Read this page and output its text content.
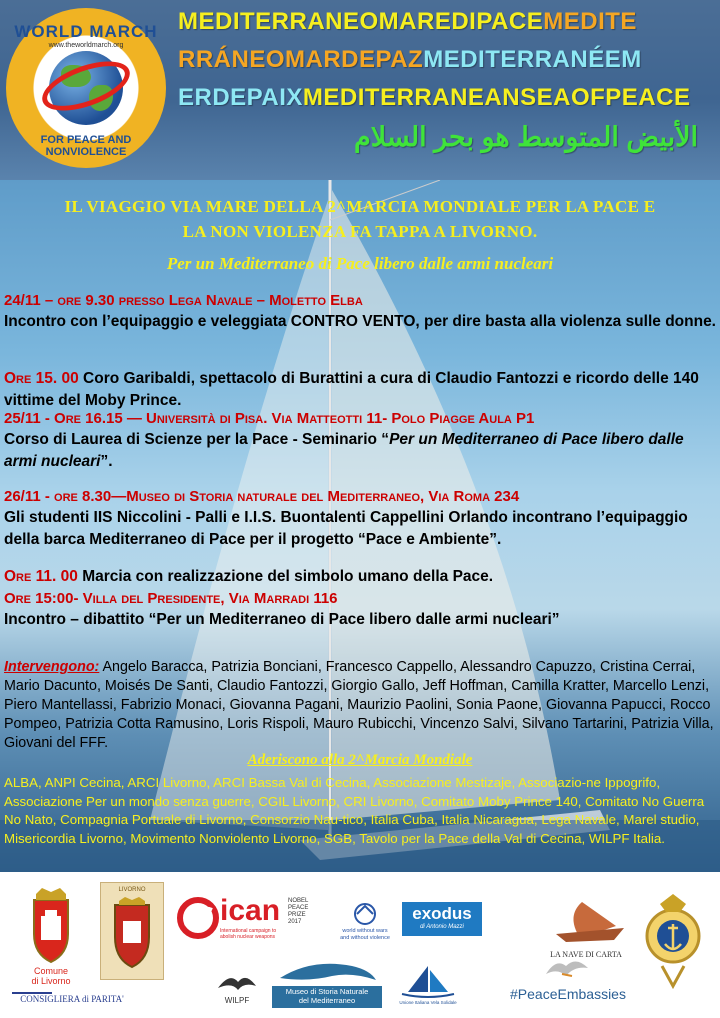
WORLD MARCH
www.theworldmarch.org
FOR PEACE AND NONVIOLENCE
MEDITERRANEOMAREDIPACEMEDITE
RRÁNEOMARDEPAZMEDITERRANÉEM
ERDEPAIXMEDITERRANEANSEAOFPEACE
الأبيض المتوسط هو بحر السلام
IL VIAGGIO VIA MARE DELLA 2^MARCIA MONDIALE PER LA PACE E
LA NON VIOLENZA FA TAPPA A LIVORNO.
Per un Mediterraneo di Pace libero dalle armi nucleari
24/11 – ore 9.30 presso Lega Navale – Moletto Elba
Incontro con l’equipaggio e veleggiata CONTRO VENTO, per dire basta alla violenza sulle donne.
Ore 15. 00 Coro Garibaldi, spettacolo di Burattini a cura di Claudio Fantozzi e ricordo delle 140 vittime del Moby Prince.
25/11 - Ore 16.15 — Università di Pisa. Via Matteotti 11- Polo Piagge Aula P1
Corso di Laurea di Scienze per la Pace - Seminario “Per un Mediterraneo di Pace libero dalle armi nucleari”.
26/11 - ore 8.30—Museo di Storia naturale del Mediterraneo, Via Roma 234
Gli studenti IIS Niccolini - Palli e I.I.S. Buontalenti Cappellini Orlando incontrano l’equipaggio della barca Mediterraneo di Pace per il progetto “Pace e Ambiente”.
Ore 11. 00 Marcia con realizzazione del simbolo umano della Pace.
Ore 15:00- Villa del Presidente, Via Marradi 116
Incontro – dibattito “Per un Mediterraneo di Pace libero dalle armi nucleari”
Intervengono: Angelo Baracca, Patrizia Bonciani, Francesco Cappello, Alessandro Capuzzo, Cristina Cerrai, Mario Dacunto, Moisés De Santi, Claudio Fantozzi, Giorgio Gallo, Jeff Hoffman, Camilla Kratter, Marcello Lenzi, Piero Mantellassi, Fabrizio Monaci, Giovanna Pagani, Maurizio Paolini, Sonia Paone, Giovanna Papucci, Rocco Pompeo, Patrizia Cotta Ramusino, Loris Rispoli, Mauro Rubicchi, Vincenzo Salvi, Silvano Tartarini, Patrizia Villa, Giovani del FFF.
Aderiscono alla 2^Marcia Mondiale
ALBA, ANPI Cecina, ARCI Livorno, ARCI Bassa Val di Cecina, Associazione Mestizaje, Associazio-ne Ippogrifo, Associazione Per un mondo senza guerre, CGIL Livorno, CRI Livorno, Comitato Moby Prince 140, Comitato No Guerra No Nato, Compagnia Portuale di Livorno, Consorzio Nau-tico, Italia Cuba, Italia Nicaragua, Lega Navale, Marel studio, Misericordia Livorno, Movimento Nonviolento Livorno, SGB, Tavolo per la Pace della Val di Cecina, WILPF Italia.
Comune
di Livorno
CONSIGLIERA di PARITA'
LIVORNO
ican
International campaign to
abolish nuclear weapons
NOBEL
PEACE
PRIZE
2017
WILPF
Museo di Storia Naturale
del Mediterraneo
world without wars
and without violence
exodus
di Antonio Mazzi
Unione Italiana Vela Solidale
LA NAVE DI CARTA
#PeaceEmbassies
